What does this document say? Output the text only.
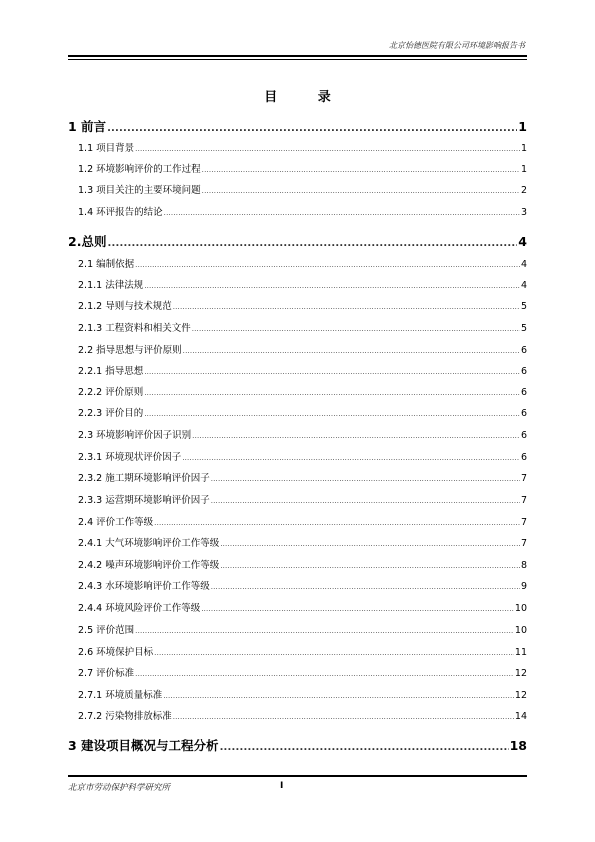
北京怡德医院有限公司环境影响报告书
目 录
1 前言 .....	1
1.1 项目背景 .....	1
1.2 环境影响评价的工作过程 .....	1
1.3 项目关注的主要环境问题 .....	2
1.4 环评报告的结论 .....	3
2.总则 .....	4
2.1 编制依据 .....	4
2.1.1 法律法规 .....	4
2.1.2 导则与技术规范 .....	5
2.1.3 工程资料和相关文件 .....	5
2.2 指导思想与评价原则 .....	6
2.2.1 指导思想 .....	6
2.2.2 评价原则 .....	6
2.2.3 评价目的 .....	6
2.3 环境影响评价因子识别 .....	6
2.3.1 环境现状评价因子 .....	6
2.3.2 施工期环境影响评价因子 .....	7
2.3.3 运营期环境影响评价因子 .....	7
2.4 评价工作等级 .....	7
2.4.1 大气环境影响评价工作等级 .....	7
2.4.2 噪声环境影响评价工作等级 .....	8
2.4.3 水环境影响评价工作等级 .....	9
2.4.4 环境风险评价工作等级 .....	10
2.5 评价范围 .....	10
2.6 环境保护目标 .....	11
2.7 评价标准 .....	12
2.7.1 环境质量标准 .....	12
2.7.2 污染物排放标准 .....	14
3 建设项目概况与工程分析 .....	18
北京市劳动保护科学研究所	I
